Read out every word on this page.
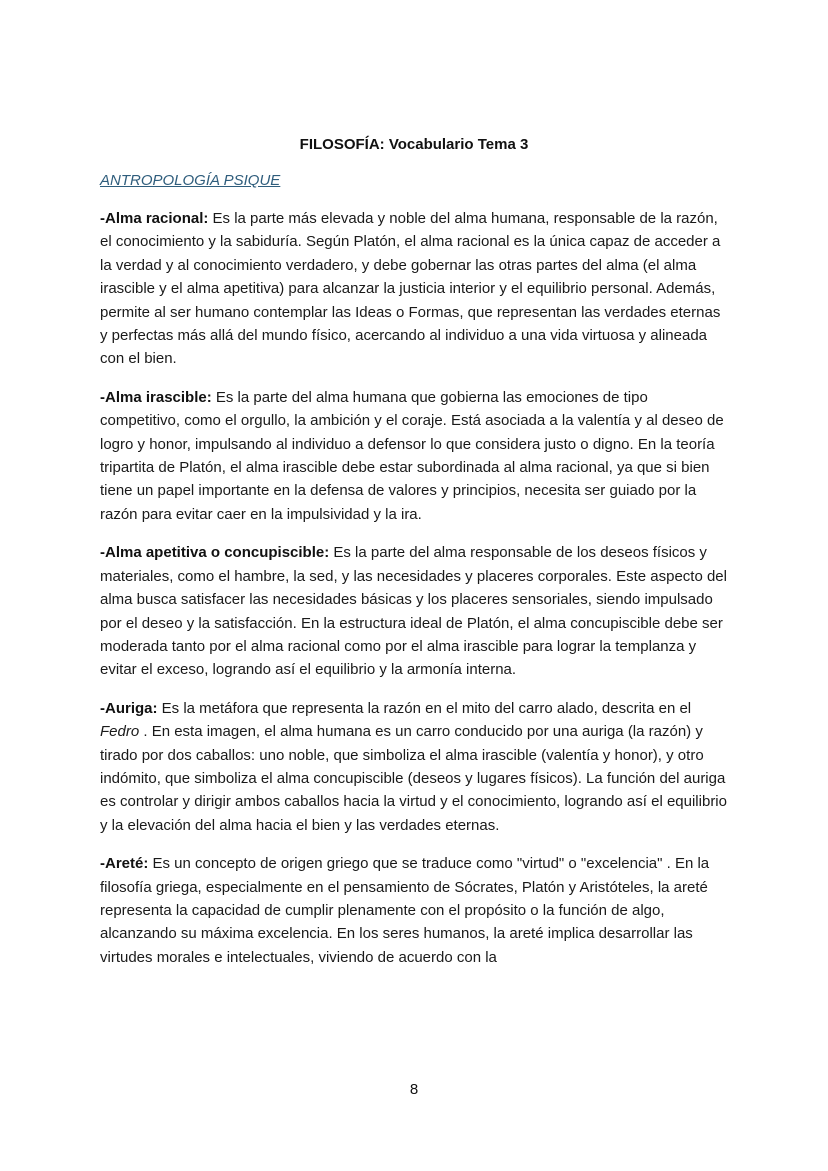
FILOSOFÍA: Vocabulario Tema 3
ANTROPOLOGÍA PSIQUE

-Alma racional: Es la parte más elevada y noble del alma humana, responsable de la razón, el conocimiento y la sabiduría. Según Platón, el alma racional es la única capaz de acceder a la verdad y al conocimiento verdadero, y debe gobernar las otras partes del alma (el alma irascible y el alma apetitiva) para alcanzar la justicia interior y el equilibrio personal. Además, permite al ser humano contemplar las Ideas o Formas, que representan las verdades eternas y perfectas más allá del mundo físico, acercando al individuo a una vida virtuosa y alineada con el bien.

-Alma irascible: Es la parte del alma humana que gobierna las emociones de tipo competitivo, como el orgullo, la ambición y el coraje. Está asociada a la valentía y al deseo de logro y honor, impulsando al individuo a defensor lo que considera justo o digno. En la teoría tripartita de Platón, el alma irascible debe estar subordinada al alma racional, ya que si bien tiene un papel importante en la defensa de valores y principios, necesita ser guiado por la razón para evitar caer en la impulsividad y la ira.

-Alma apetitiva o concupiscible: Es la parte del alma responsable de los deseos físicos y materiales, como el hambre, la sed, y las necesidades y placeres corporales. Este aspecto del alma busca satisfacer las necesidades básicas y los placeres sensoriales, siendo impulsado por el deseo y la satisfacción. En la estructura ideal de Platón, el alma concupiscible debe ser moderada tanto por el alma racional como por el alma irascible para lograr la templanza y evitar el exceso, logrando así el equilibrio y la armonía interna.

-Auriga: Es la metáfora que representa la razón en el mito del carro alado, descrita en el Fedro . En esta imagen, el alma humana es un carro conducido por una auriga (la razón) y tirado por dos caballos: uno noble, que simboliza el alma irascible (valentía y honor), y otro indómito, que simboliza el alma concupiscible (deseos y lugares físicos). La función del auriga es controlar y dirigir ambos caballos hacia la virtud y el conocimiento, logrando así el equilibrio y la elevación del alma hacia el bien y las verdades eternas.

-Areté: Es un concepto de origen griego que se traduce como "virtud" o "excelencia" . En la filosofía griega, especialmente en el pensamiento de Sócrates, Platón y Aristóteles, la areté representa la capacidad de cumplir plenamente con el propósito o la función de algo, alcanzando su máxima excelencia. En los seres humanos, la areté implica desarrollar las virtudes morales e intelectuales, viviendo de acuerdo con la

8
